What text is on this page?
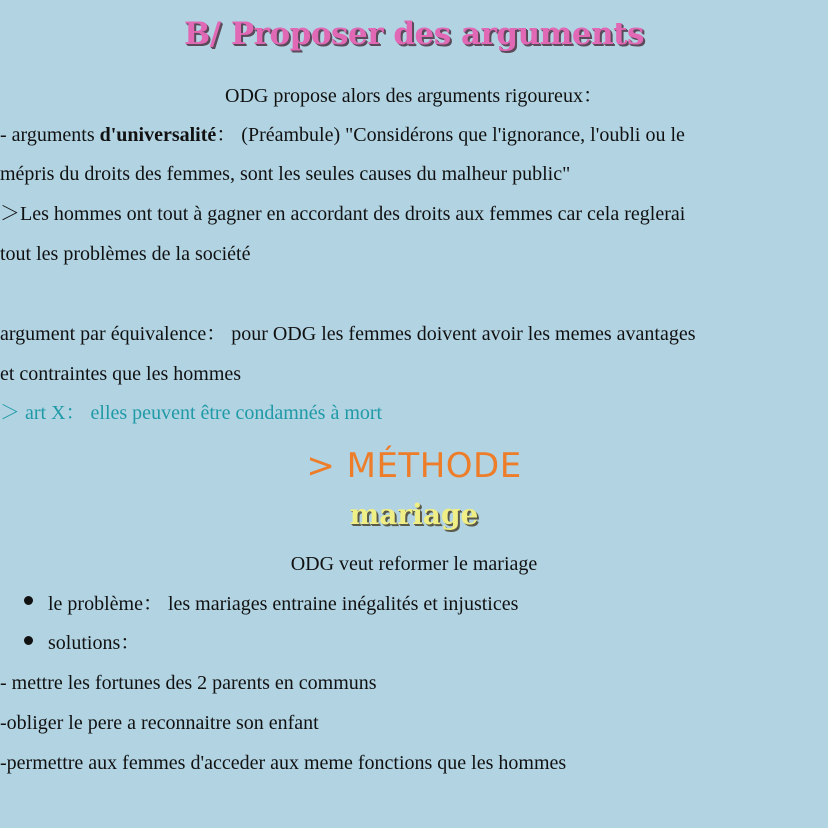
B/ Proposer des arguments
ODG propose alors des arguments rigoureux：
- arguments d'universalité： (Préambule) "Considérons que l'ignorance, l'oubli ou le
mépris du droits des femmes, sont les seules causes du malheur public"
＞Les hommes ont tout à gagner en accordant des droits aux femmes car cela reglerai
tout les problèmes de la société
argument par équivalence： pour ODG les femmes doivent avoir les memes avantages
et contraintes que les hommes
＞ art X： elles peuvent être condamnés à mort
> MÉTHODE
mariage
ODG veut reformer le mariage
le problème： les mariages entraine inégalités et injustices
solutions：
- mettre les fortunes des 2 parents en communs
-obliger le pere a reconnaitre son enfant
-permettre aux femmes d'acceder aux meme fonctions que les hommes
